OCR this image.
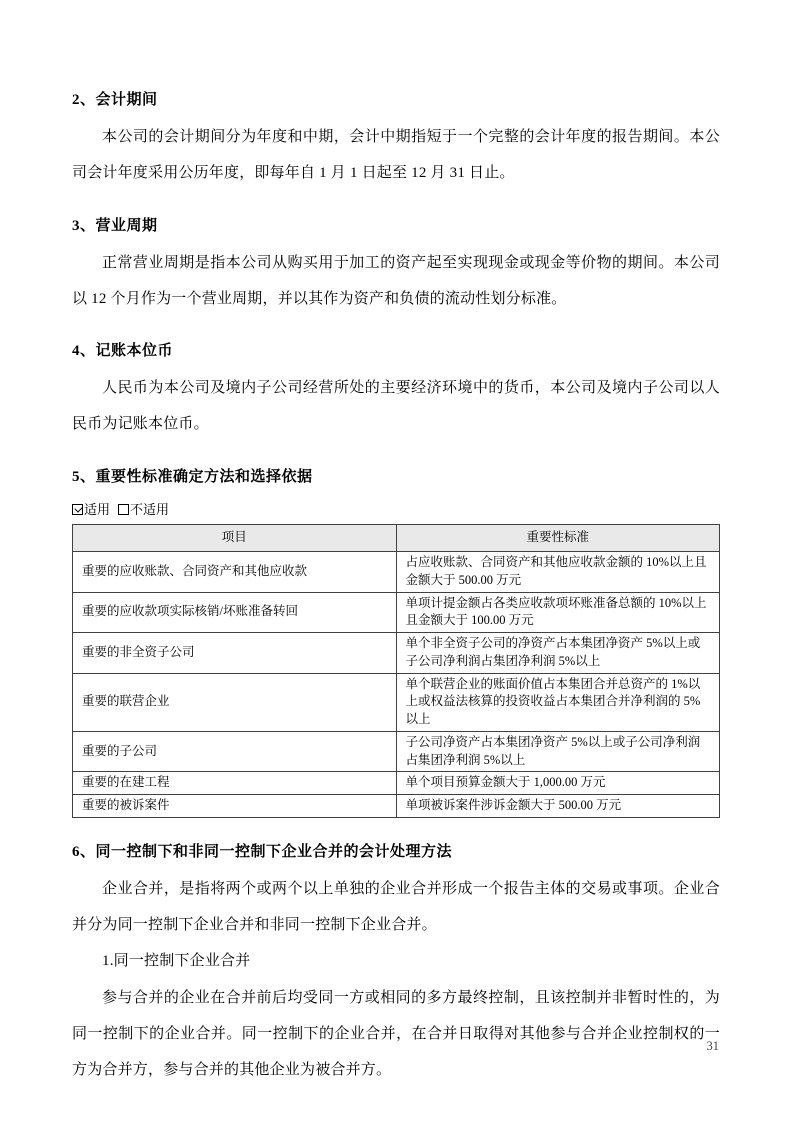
2、会计期间

本公司的会计期间分为年度和中期，会计中期指短于一个完整的会计年度的报告期间。本公司会计年度采用公历年度，即每年自 1 月 1 日起至 12 月 31 日止。

3、营业周期

正常营业周期是指本公司从购买用于加工的资产起至实现现金或现金等价物的期间。本公司以 12 个月作为一个营业周期，并以其作为资产和负债的流动性划分标准。

4、记账本位币

人民币为本公司及境内子公司经营所处的主要经济环境中的货币，本公司及境内子公司以人民币为记账本位币。

5、重要性标准确定方法和选择依据
适用 不适用
项目	重要性标准
重要的应收账款、合同资产和其他应收款	占应收账款、合同资产和其他应收款金额的 10%以上且金额大于 500.00 万元
重要的应收款项实际核销/坏账准备转回	单项计提金额占各类应收款项坏账准备总额的 10%以上且金额大于 100.00 万元
重要的非全资子公司	单个非全资子公司的净资产占本集团净资产 5%以上或子公司净利润占集团净利润 5%以上
重要的联营企业	单个联营企业的账面价值占本集团合并总资产的 1%以上或权益法核算的投资收益占本集团合并净利润的 5%以上
重要的子公司	子公司净资产占本集团净资产 5%以上或子公司净利润占集团净利润 5%以上
重要的在建工程	单个项目预算金额大于 1,000.00 万元
重要的被诉案件	单项被诉案件涉诉金额大于 500.00 万元
6、同一控制下和非同一控制下企业合并的会计处理方法

企业合并，是指将两个或两个以上单独的企业合并形成一个报告主体的交易或事项。企业合并分为同一控制下企业合并和非同一控制下企业合并。

1.同一控制下企业合并

参与合并的企业在合并前后均受同一方或相同的多方最终控制，且该控制并非暂时性的，为同一控制下的企业合并。同一控制下的企业合并，在合并日取得对其他参与合并企业控制权的一方为合并方，参与合并的其他企业为被合并方。

31
